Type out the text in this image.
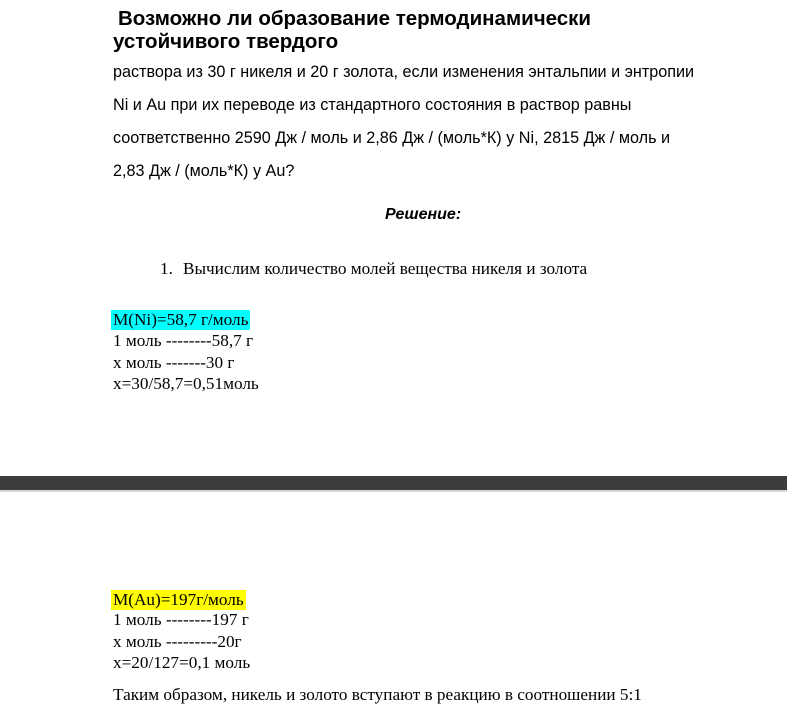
Возможно ли образование термодинамически
устойчивого твердого
раствора из 30 г никеля и 20 г золота, если изменения энтальпии и энтропии
Ni и Au при их переводе из стандартного состояния в раствор равны
соответственно 2590 Дж / моль и 2,86 Дж / (моль*К) у Ni, 2815 Дж / моль и
2,83 Дж / (моль*К) у Au?
Решение:
1. Вычислим количество молей вещества никеля и золота
M(Ni)=58,7 г/моль
1 моль --------58,7 г
х моль -------30 г
х=30/58,7=0,51моль
M(Au)=197г/моль
1 моль --------197 г
х моль ---------20г
х=20/127=0,1 моль
Таким образом, никель и золото вступают в реакцию в соотношении 5:1
